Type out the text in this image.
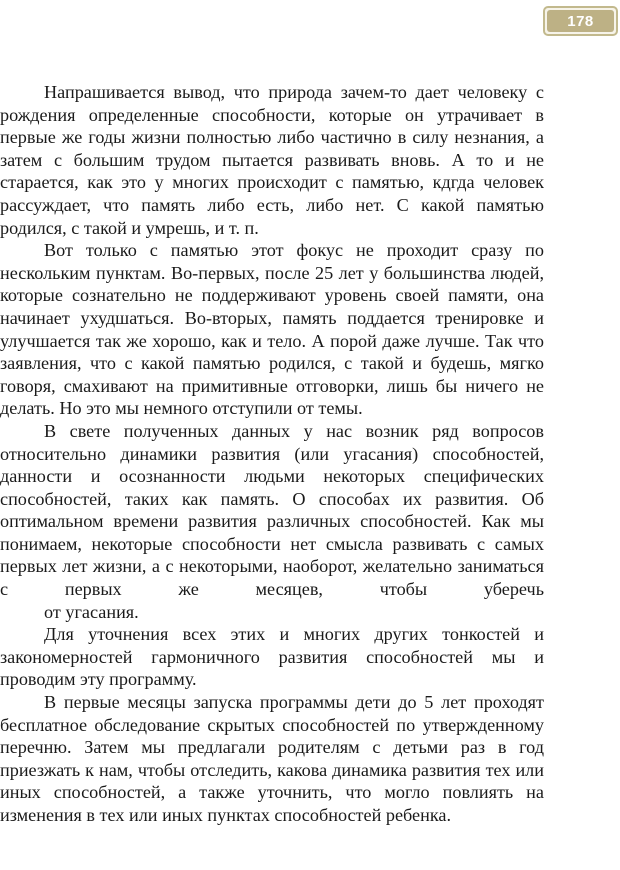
178

Напрашивается вывод, что природа зачем-то дает человеку с рождения определенные способности, которые он утрачивает в первые же годы жизни полностью либо частично в силу незнания, а затем с большим трудом пытается развивать вновь. А то и не старается, как это у многих происходит с памятью, кдгда человек рассуждает, что память либо есть, либо нет. С какой памятью родился, с такой и умрешь, и т. п.

Вот только с памятью этот фокус не проходит сразу по нескольким пунктам. Во-первых, после 25 лет у большинства людей, которые сознательно не поддерживают уровень своей памяти, она начинает ухудшаться. Во-вторых, память поддается тренировке и улучшается так же хорошо, как и тело. А порой даже лучше. Так что заявления, что с какой памятью родился, с такой и будешь, мягко говоря, смахивают на примитивные отговорки, лишь бы ничего не делать. Но это мы немного отступили от темы.

В свете полученных данных у нас возник ряд вопросов относительно динамики развития (или угасания) способностей, данности и осознанности людьми некоторых специфических способностей, таких как память. О способах их развития. Об оптимальном времени развития различных способностей. Как мы понимаем, некоторые способности нет смысла развивать с самых первых лет жизни, а с некоторыми, наоборот, желательно заниматься с первых же месяцев, чтобы уберечь

от угасания.

Для уточнения всех этих и многих других тонкостей и закономерностей гармоничного развития способностей мы и проводим эту программу.

В первые месяцы запуска программы дети до 5 лет проходят бесплатное обследование скрытых способностей по утвержденному перечню. Затем мы предлагали родителям с детьми раз в год приезжать к нам, чтобы отследить, какова динамика развития тех или иных способностей, а также уточнить, что могло повлиять на изменения в тех или иных пунктах способностей ребенка.
